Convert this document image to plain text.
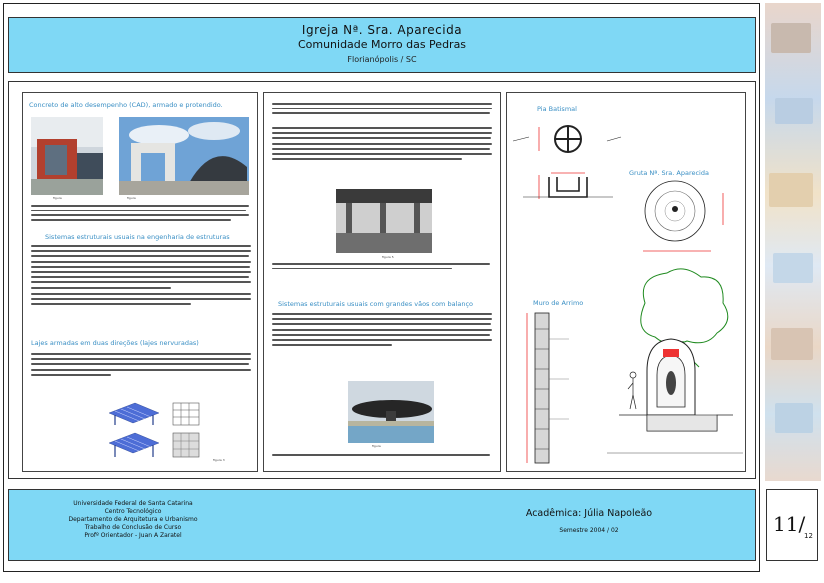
Igreja Nª. Sra. Aparecida
Comunidade Morro das Pedras
Florianópolis / SC
Concreto de alto desempenho (CAD), armado e protendido.
figura	figura
Sistemas estruturais usuais na engenharia de estruturas
Lajes armadas em duas direções (lajes nervuradas)
figura 3
figura 5
Sistemas estruturais usuais com grandes vãos com balanço
figura
Pia Batismal
Gruta Nª. Sra. Aparecida
Muro de Arrimo
Universidade Federal de Santa Catarina
Centro Tecnológico
Departamento de Arquitetura e Urbanismo
Trabalho de Conclusão de Curso
Profº Orientador - Juan A Zaratel
Acadêmica: Júlia Napoleão
Semestre 2004 / 02	11/
12
